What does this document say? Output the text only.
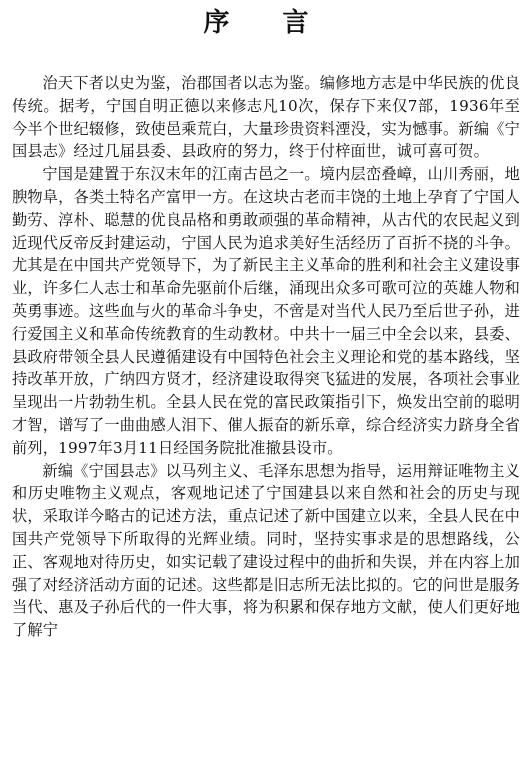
序 言

治天下者以史为鉴，治郡国者以志为鉴。编修地方志是中华民族的优良传统。据考，宁国自明正德以来修志凡10次，保存下来仅7部，1936年至今半个世纪辍修，致使邑乘荒白，大量珍贵资料湮没，实为憾事。新编《宁国县志》经过几届县委、县政府的努力，终于付梓面世，诚可喜可贺。

宁国是建置于东汉末年的江南古邑之一。境内层峦叠嶂，山川秀丽，地腴物阜，各类土特名产富甲一方。在这块古老而丰饶的土地上孕育了宁国人勤劳、淳朴、聪慧的优良品格和勇敢顽强的革命精神，从古代的农民起义到近现代反帝反封建运动，宁国人民为追求美好生活经历了百折不挠的斗争。尤其是在中国共产党领导下，为了新民主主义革命的胜利和社会主义建设事业，许多仁人志士和革命先驱前仆后继，涌现出众多可歌可泣的英雄人物和英勇事迹。这些血与火的革命斗争史，不啻是对当代人民乃至后世子孙，进行爱国主义和革命传统教育的生动教材。中共十一届三中全会以来，县委、县政府带领全县人民遵循建设有中国特色社会主义理论和党的基本路线，坚持改革开放，广纳四方贤才，经济建设取得突飞猛进的发展，各项社会事业呈现出一片勃勃生机。全县人民在党的富民政策指引下，焕发出空前的聪明才智，谱写了一曲曲感人泪下、催人振奋的新乐章，综合经济实力跻身全省前列，1997年3月11日经国务院批准撤县设市。

新编《宁国县志》以马列主义、毛泽东思想为指导，运用辩证唯物主义和历史唯物主义观点，客观地记述了宁国建县以来自然和社会的历史与现状，采取详今略古的记述方法，重点记述了新中国建立以来，全县人民在中国共产党领导下所取得的光辉业绩。同时，坚持实事求是的思想路线，公正、客观地对待历史，如实记载了建设过程中的曲折和失误，并在内容上加强了对经济活动方面的记述。这些都是旧志所无法比拟的。它的问世是服务当代、惠及子孙后代的一件大事，将为积累和保存地方文献，使人们更好地了解宁
